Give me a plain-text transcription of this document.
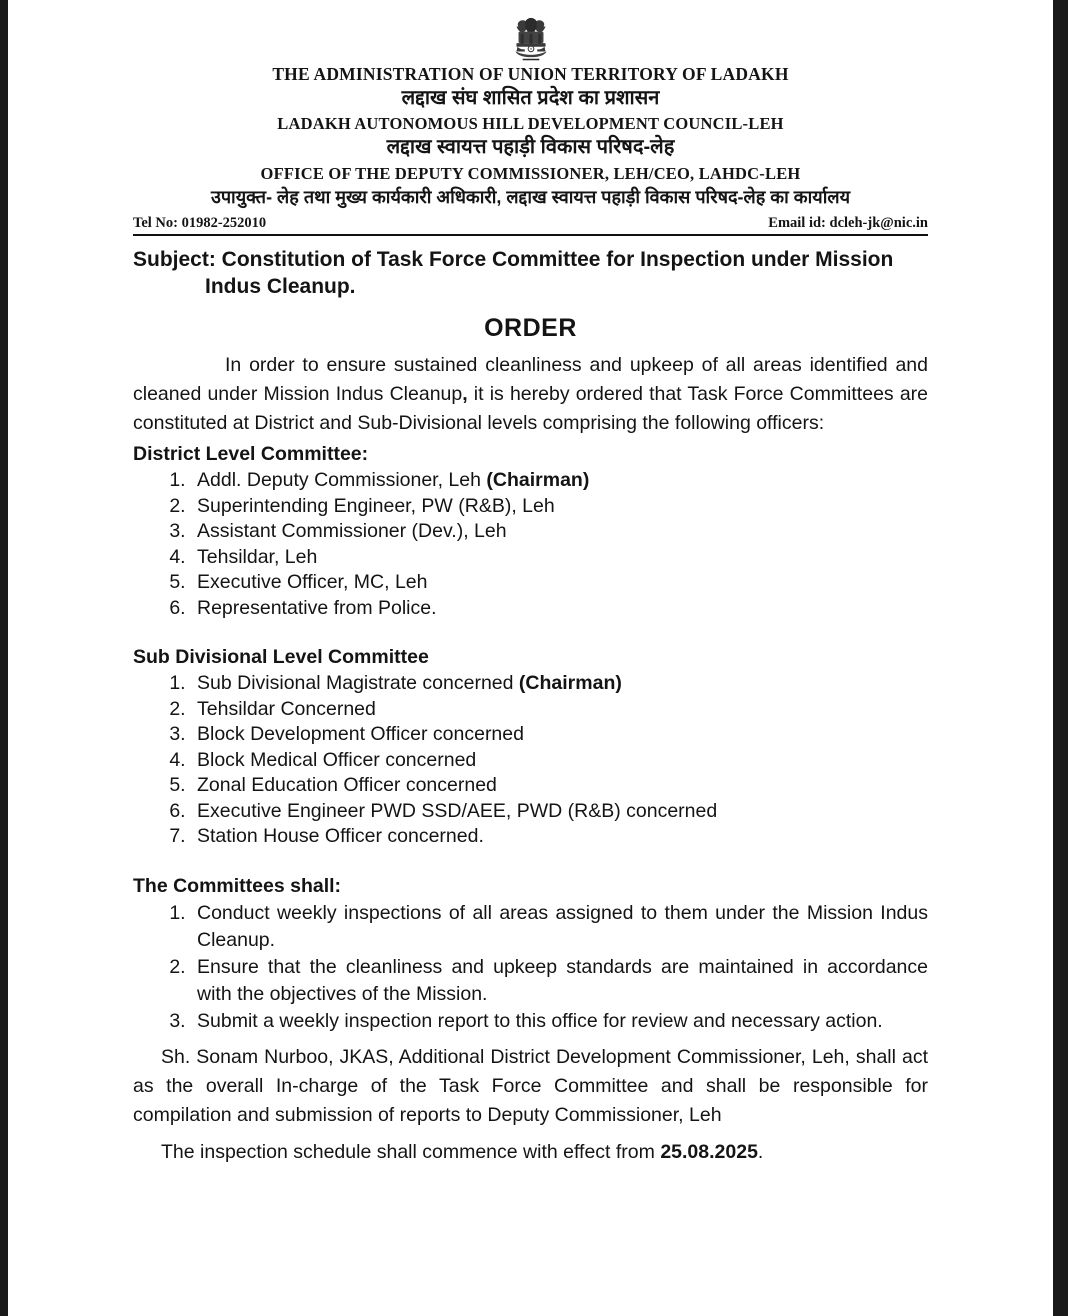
THE ADMINISTRATION OF UNION TERRITORY OF LADAKH
लद्दाख संघ शासित प्रदेश का प्रशासन
LADAKH AUTONOMOUS HILL DEVELOPMENT COUNCIL-LEH
लद्दाख स्वायत्त पहाड़ी विकास परिषद-लेह
OFFICE OF THE DEPUTY COMMISSIONER, LEH/CEO, LAHDC-LEH
उपायुक्त- लेह तथा मुख्य कार्यकारी अधिकारी, लद्दाख स्वायत्त पहाड़ी विकास परिषद-लेह का कार्यालय
Tel No: 01982-252010	Email id: dcleh-jk@nic.in
Subject: Constitution of Task Force Committee for Inspection under Mission
Indus Cleanup.
ORDER

In order to ensure sustained cleanliness and upkeep of all areas identified and cleaned under Mission Indus Cleanup, it is hereby ordered that Task Force Committees are constituted at District and Sub-Divisional levels comprising the following officers:

District Level Committee:
1. Addl. Deputy Commissioner, Leh (Chairman)
2. Superintending Engineer, PW (R&B), Leh
3. Assistant Commissioner (Dev.), Leh
4. Tehsildar, Leh
5. Executive Officer, MC, Leh
6. Representative from Police.
Sub Divisional Level Committee
1. Sub Divisional Magistrate concerned (Chairman)
2. Tehsildar Concerned
3. Block Development Officer concerned
4. Block Medical Officer concerned
5. Zonal Education Officer concerned
6. Executive Engineer PWD SSD/AEE, PWD (R&B) concerned
7. Station House Officer concerned.
The Committees shall:
1. Conduct weekly inspections of all areas assigned to them under the Mission Indus Cleanup.
2. Ensure that the cleanliness and upkeep standards are maintained in accordance with the objectives of the Mission.
3. Submit a weekly inspection report to this office for review and necessary action.

Sh. Sonam Nurboo, JKAS, Additional District Development Commissioner, Leh, shall act as the overall In-charge of the Task Force Committee and shall be responsible for compilation and submission of reports to Deputy Commissioner, Leh

The inspection schedule shall commence with effect from 25.08.2025.
